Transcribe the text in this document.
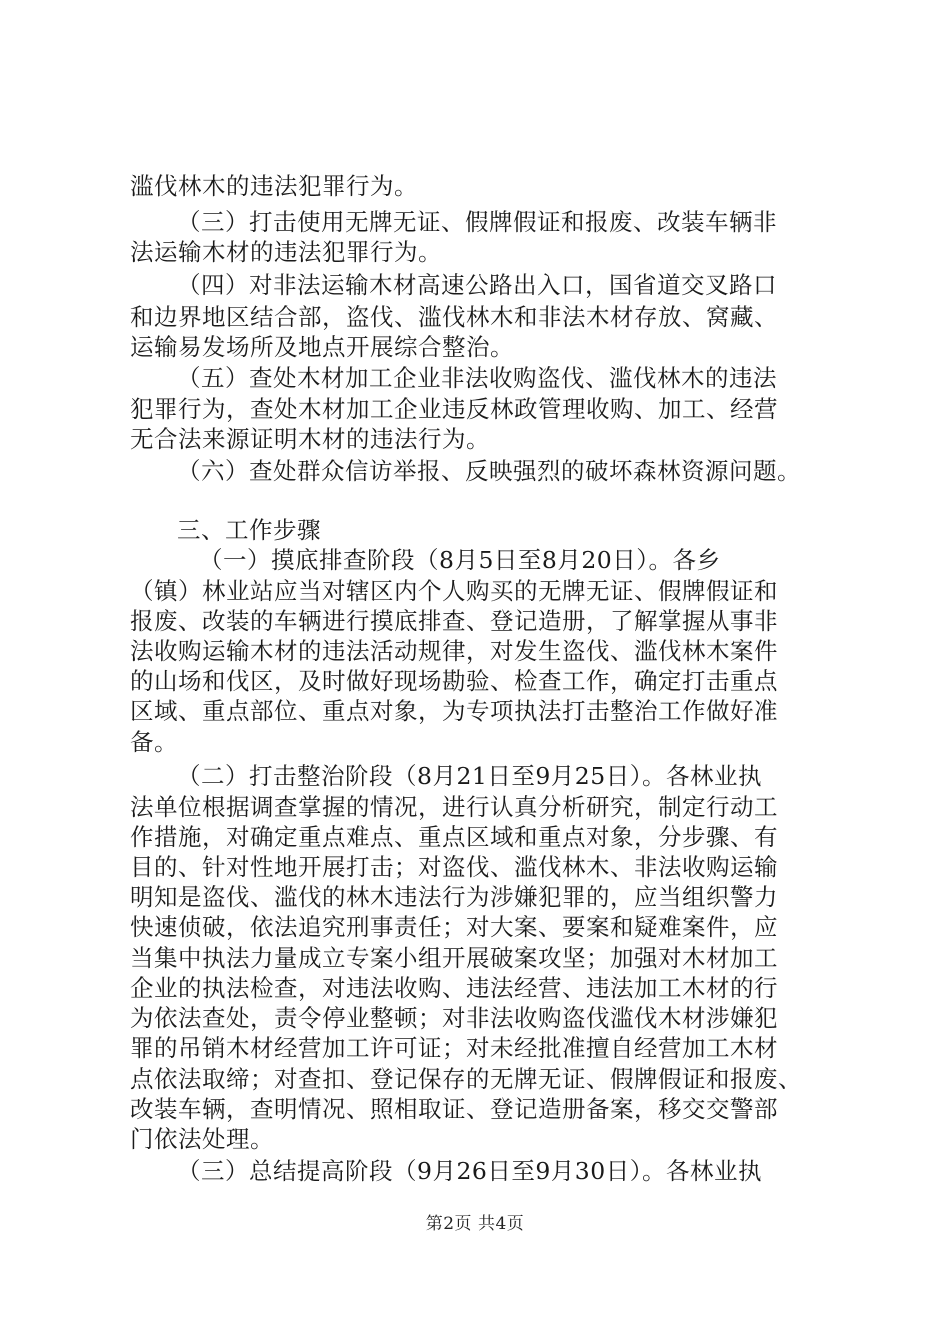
滥伐林木的违法犯罪行为。
（三）打击使用无牌无证、假牌假证和报废、改装车辆非
法运输木材的违法犯罪行为。
（四）对非法运输木材高速公路出入口，国省道交叉路口
和边界地区结合部，盗伐、滥伐林木和非法木材存放、窝藏、
运输易发场所及地点开展综合整治。
（五）查处木材加工企业非法收购盗伐、滥伐林木的违法
犯罪行为，查处木材加工企业违反林政管理收购、加工、经营
无合法来源证明木材的违法行为。
（六）查处群众信访举报、反映强烈的破坏森林资源问题。
三、工作步骤
（一）摸底排查阶段（8月5日至8月20日）。各乡
（镇）林业站应当对辖区内个人购买的无牌无证、假牌假证和
报废、改装的车辆进行摸底排查、登记造册，了解掌握从事非
法收购运输木材的违法活动规律，对发生盗伐、滥伐林木案件
的山场和伐区，及时做好现场勘验、检查工作，确定打击重点
区域、重点部位、重点对象，为专项执法打击整治工作做好准
备。
（二）打击整治阶段（8月21日至9月25日）。各林业执
法单位根据调查掌握的情况，进行认真分析研究，制定行动工
作措施，对确定重点难点、重点区域和重点对象，分步骤、有
目的、针对性地开展打击；对盗伐、滥伐林木、非法收购运输
明知是盗伐、滥伐的林木违法行为涉嫌犯罪的，应当组织警力
快速侦破，依法追究刑事责任；对大案、要案和疑难案件，应
当集中执法力量成立专案小组开展破案攻坚；加强对木材加工
企业的执法检查，对违法收购、违法经营、违法加工木材的行
为依法查处，责令停业整顿；对非法收购盗伐滥伐木材涉嫌犯
罪的吊销木材经营加工许可证；对未经批准擅自经营加工木材
点依法取缔；对查扣、登记保存的无牌无证、假牌假证和报废、
改装车辆，查明情况、照相取证、登记造册备案，移交交警部
门依法处理。
（三）总结提高阶段（9月26日至9月30日）。各林业执
第2页 共4页
